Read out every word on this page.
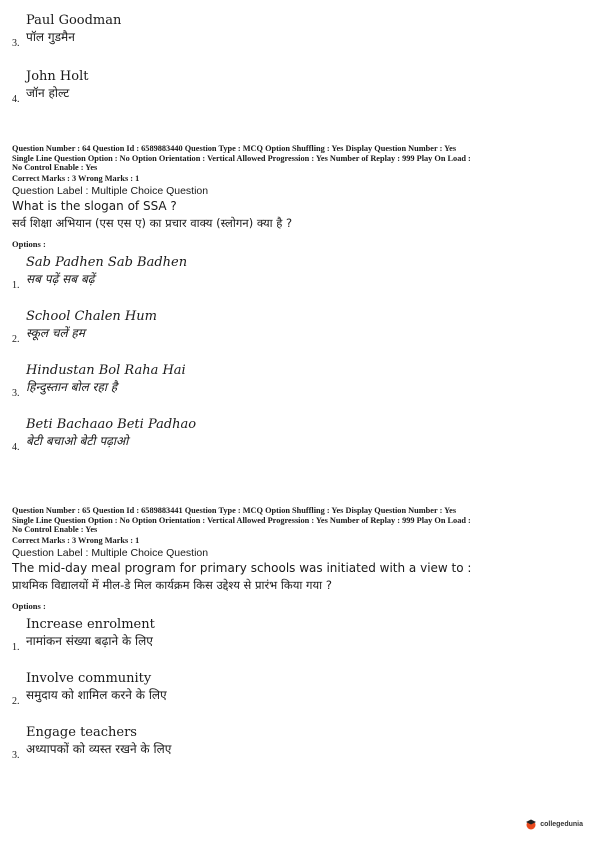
Paul Goodman
पॉल गुडमैन
3.
John Holt
जॉन होल्ट
4.
Question Number : 64 Question Id : 6589883440 Question Type : MCQ Option Shuffling : Yes Display Question Number : Yes
Single Line Question Option : No Option Orientation : Vertical Allowed Progression : Yes Number of Replay : 999 Play On Load :
No Control Enable : Yes
Correct Marks : 3 Wrong Marks : 1
Question Label : Multiple Choice Question
What is the slogan of SSA ?
सर्व शिक्षा अभियान (एस एस ए) का प्रचार वाक्य (स्लोगन) क्या है ?
Options :
Sab Padhen Sab Badhen
सब पढ़ें सब बढ़ें
1.
School Chalen Hum
स्कूल चलें हम
2.
Hindustan Bol Raha Hai
हिन्दुस्तान बोल रहा है
3.
Beti Bachaao Beti Padhao
बेटी बचाओ बेटी पढ़ाओ
4.
Question Number : 65 Question Id : 6589883441 Question Type : MCQ Option Shuffling : Yes Display Question Number : Yes
Single Line Question Option : No Option Orientation : Vertical Allowed Progression : Yes Number of Replay : 999 Play On Load :
No Control Enable : Yes
Correct Marks : 3 Wrong Marks : 1
Question Label : Multiple Choice Question
The mid-day meal program for primary schools was initiated with a view to :
प्राथमिक विद्यालयों में मील-डे मिल कार्यक्रम किस उद्देश्य से प्रारंभ किया गया ?
Options :
Increase enrolment
नामांकन संख्या बढ़ाने के लिए
1.
Involve community
समुदाय को शामिल करने के लिए
2.
Engage teachers
अध्यापकों को व्यस्त रखने के लिए
3.
collegedunia
